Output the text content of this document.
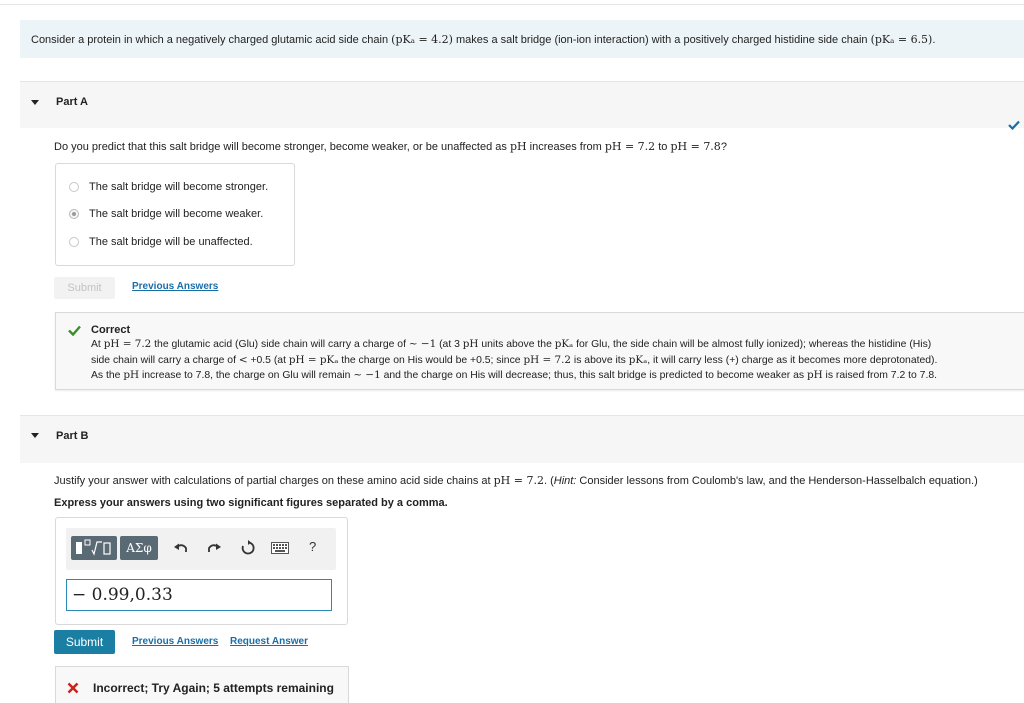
Consider a protein in which a negatively charged glutamic acid side chain (pKₐ = 4.2) makes a salt bridge (ion-ion interaction) with a positively charged histidine side chain (pKₐ = 6.5).
Part A
Do you predict that this salt bridge will become stronger, become weaker, or be unaffected as pH increases from pH = 7.2 to pH = 7.8?
The salt bridge will become stronger.
The salt bridge will become weaker.
The salt bridge will be unaffected.
Submit	Previous Answers
Correct
At pH = 7.2 the glutamic acid (Glu) side chain will carry a charge of ~ −1 (at 3 pH units above the pKₐ for Glu, the side chain will be almost fully ionized); whereas the histidine (His)
side chain will carry a charge of < +0.5 (at pH = pKₐ the charge on His would be +0.5; since pH = 7.2 is above its pKₐ, it will carry less (+) charge as it becomes more deprotonated).
As the pH increase to 7.8, the charge on Glu will remain ~ −1 and the charge on His will decrease; thus, this salt bridge is predicted to become weaker as pH is raised from 7.2 to 7.8.
Part B
Justify your answer with calculations of partial charges on these amino acid side chains at pH = 7.2. (Hint: Consider lessons from Coulomb's law, and the Henderson-Hasselbalch equation.)
Express your answers using two significant figures separated by a comma.
ΑΣφ	?
− 0.99,0.33
Submit	Previous Answers Request Answer
Incorrect; Try Again; 5 attempts remaining
